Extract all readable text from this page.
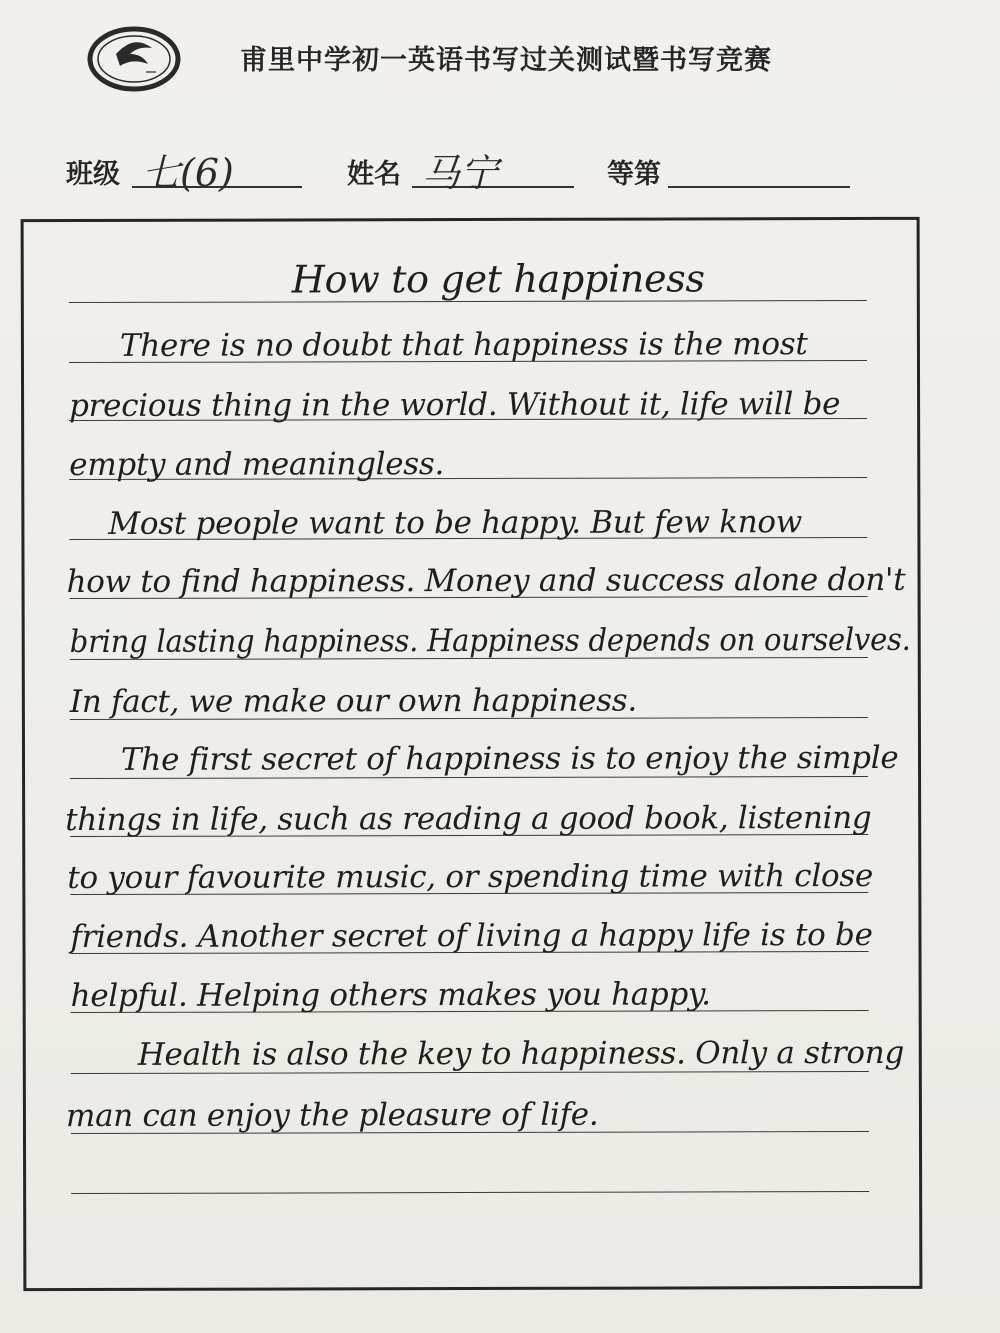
甫里中学初一英语书写过关测试暨书写竞赛
班级 七(6)	姓名 马宁	等第
How to get happiness
There is no doubt that happiness is the most
precious thing in the world. Without it, life will be
empty and meaningless.
Most people want to be happy. But few know
how to find happiness. Money and success alone don't
bring lasting happiness. Happiness depends on ourselves.
In fact, we make our own happiness.
The first secret of happiness is to enjoy the simple
things in life, such as reading a good book, listening
to your favourite music, or spending time with close
friends. Another secret of living a happy life is to be
helpful. Helping others makes you happy.
Health is also the key to happiness. Only a strong
man can enjoy the pleasure of life.
